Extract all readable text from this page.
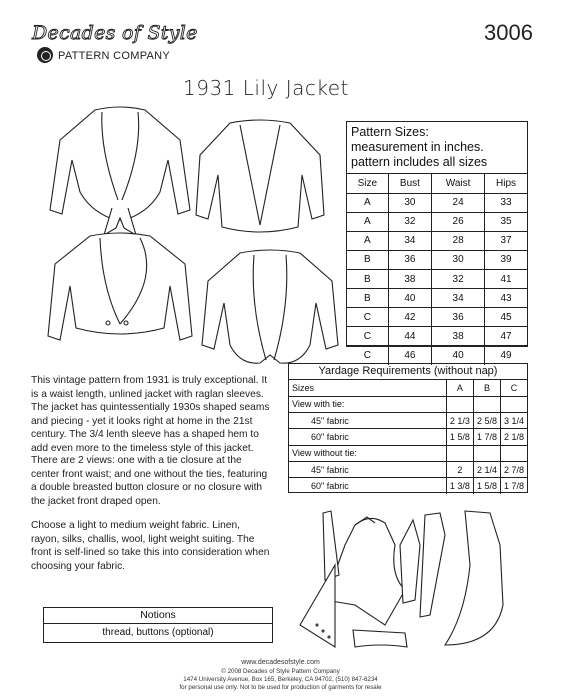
Decades of Style
PATTERN COMPANY
3006
1931 Lily Jacket
Pattern Sizes:
measurement in inches.
pattern includes all sizes
Size	Bust	Waist	Hips
A	30	24	33
A	32	26	35
A	34	28	37
B	36	30	39
B	38	32	41
B	40	34	43
C	42	36	45
C	44	38	47
C	46	40	49
Yardage Requirements (without nap)
Sizes	A	B	C
View with tie:			
45" fabric	2 1/3	2 5/8	3 1/4
60" fabric	1 5/8	1 7/8	2 1/8
View without tie:			
45" fabric	2	2 1/4	2 7/8
60" fabric	1 3/8	1 5/8	1 7/8
This vintage pattern from 1931 is truly exceptional. It
is a waist length, unlined jacket with raglan sleeves.
The jacket has quintessentially 1930s shaped seams
and piecing - yet it looks right at home in the 21st
century. The 3/4 lenth sleeve has a shaped hem to
add even more to the timeless style of this jacket.
There are 2 views: one with a tie closure at the
center front waist; and one without the ties, featuring
a double breasted button closure or no closure with
the jacket front draped open.
Choose a light to medium weight fabric. Linen,
rayon, silks, challis, wool, light weight suiting. The
front is self-lined so take this into consideration when
choosing your fabric.
Notions
thread, buttons (optional)
www.decadesofstyle.com
© 2008 Decades of Style Pattern Company
1474 University Avenue, Box 165, Berkeley, CA 94702, (510) 847-6234
for personal use only. Not to be used for production of garments for resale
